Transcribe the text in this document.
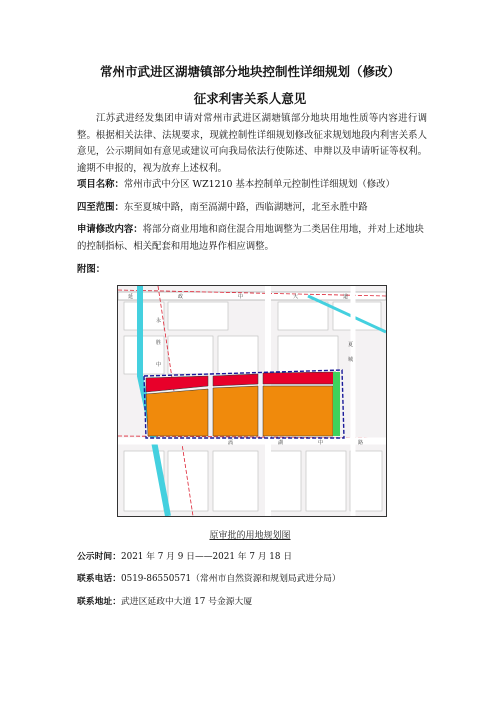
常州市武进区湖塘镇部分地块控制性详细规划（修改）
征求利害关系人意见
江苏武进经发集团申请对常州市武进区湖塘镇部分地块用地性质等内容进行调整。根据相关法律、法规要求，现就控制性详细规划修改征求规划地段内利害关系人意见，公示期间如有意见或建议可向我局依法行使陈述、申辩以及申请听证等权利。逾期不申报的，视为放弃上述权利。
项目名称：常州市武中分区 WZ1210 基本控制单元控制性详细规划（修改）
四至范围：东至夏城中路，南至滆湖中路，西临湖塘河，北至永胜中路
申请修改内容：将部分商业用地和商住混合用地调整为二类居住用地，并对上述地块的控制指标、相关配套和用地边界作相应调整。
附图：
延	政	中	大	道
永
胜
中
夏
城
滆	湖	中	路
原审批的用地规划图
公示时间：2021 年 7 月 9 日——2021 年 7 月 18 日
联系电话：0519-86550571（常州市自然资源和规划局武进分局）
联系地址：武进区延政中大道 17 号金源大厦
